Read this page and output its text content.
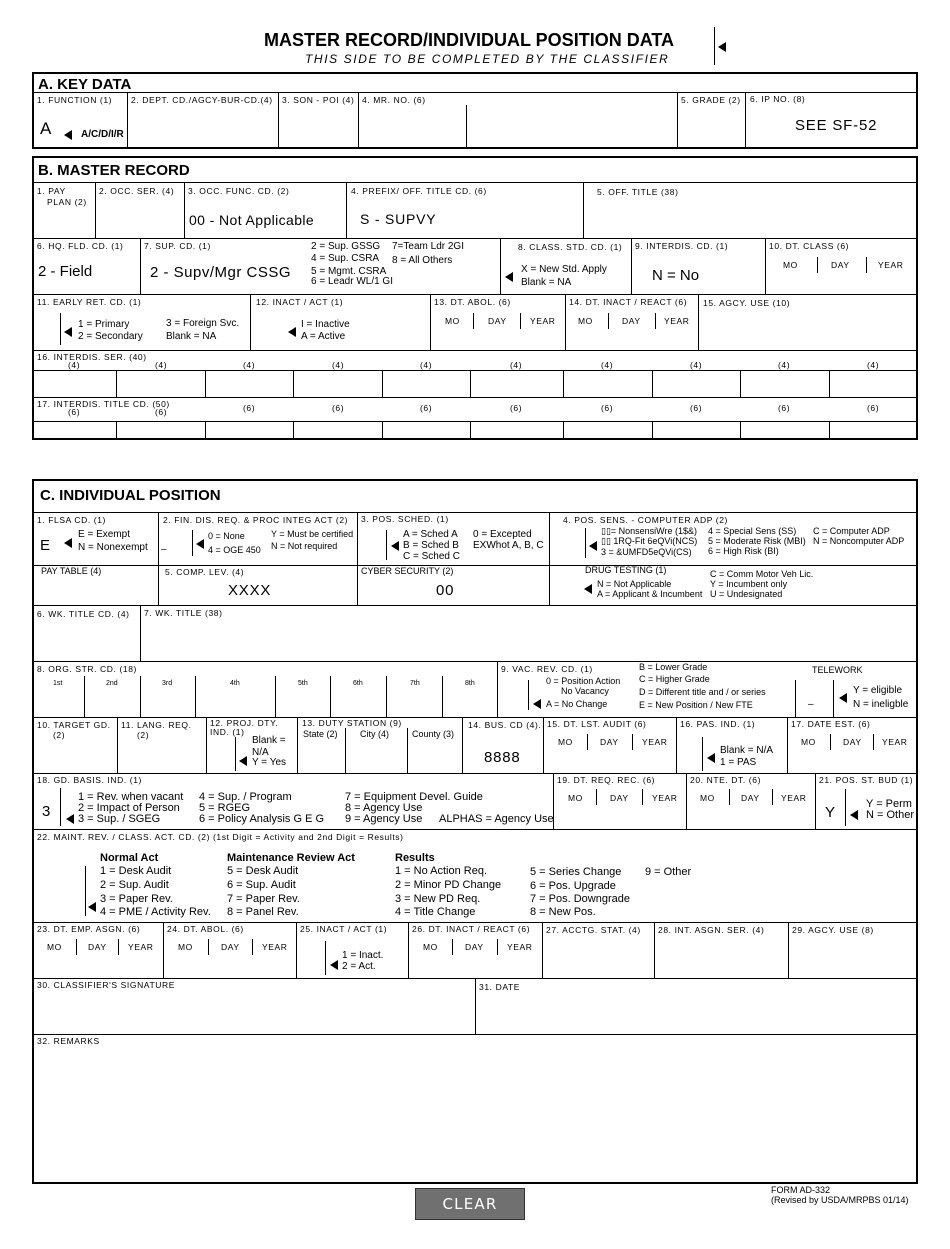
MASTER RECORD/INDIVIDUAL POSITION DATA
THIS SIDE TO BE COMPLETED BY THE CLASSIFIER
A. KEY DATA
1. FUNCTION (1)
A	A/C/D/I/R
2. DEPT. CD./AGCY-BUR-CD.(4) 3. SON - POI (4) 4. MR. NO. (6)	5. GRADE (2) 6. IP NO. (8)
SEE SF-52
B. MASTER RECORD
1. PAY
PLAN (2)
2. OCC. SER. (4) 3. OCC. FUNC. CD. (2)
00 - Not Applicable
4. PREFIX/ OFF. TITLE CD. (6)
S - SUPVY
5. OFF. TITLE (38)
6. HQ. FLD. CD. (1)
2 - Field
7. SUP. CD. (1)
2 - Supv/Mgr CSSG
2 = Sup. GSSG
4 = Sup. CSRA
5 = Mgmt. CSRA
6 = Leadr WL/1 GI
7=Team Ldr 2GI
8 = All Others
8. CLASS. STD. CD. (1)
X = New Std. Apply
Blank = NA
9. INTERDIS. CD. (1)
N = No
10. DT. CLASS (6)
MO	DAY	YEAR
11. EARLY RET. CD. (1)
1 = Primary
2 = Secondary
3 = Foreign Svc.
Blank = NA
12. INACT / ACT (1)
I = Inactive
A = Active
13. DT. ABOL. (6)
MO	DAY	YEAR
14. DT. INACT / REACT (6)
MO	DAY	YEAR
15. AGCY. USE (10)
16. INTERDIS. SER. (40)
(4)	(4)	(4)	(4)	(4)	(4)	(4)	(4)	(4)	(4)
17. INTERDIS. TITLE CD. (50)
(6)	(6)	(6)	(6)	(6)	(6)	(6)	(6)	(6)	(6)
C. INDIVIDUAL POSITION
1. FLSA CD. (1)
E
E = Exempt
N = Nonexempt
2. FIN. DIS. REQ. & PROC INTEG ACT (2)
–
0 = None
4 = OGE 450
Y = Must be certified
N = Not required
3. POS. SCHED. (1)
A = Sched A
B = Sched B
C = Sched C
0 = Excepted
EXWhot A, B, C
4. POS. SENS. - COMPUTER ADP (2)
▯▯= NonsensiWre (1$&)
▯▯ 1RQ-Fit 6eQVi(NCS)
3 = &UMFD5eQVi(CS)
4 = Special Sens (SS)
5 = Moderate Risk (MBI)
6 = High Risk (BI)
C = Computer ADP
N = Noncomputer ADP
PAY TABLE (4)	5. COMP. LEV. (4)
XXXX
CYBER SECURITY (2)
00
DRUG TESTING (1)
N = Not Applicable
A = Applicant & Incumbent
C = Comm Motor Veh Lic.
Y = Incumbent only
U = Undesignated
6. WK. TITLE CD. (4) 7. WK. TITLE (38)
8. ORG. STR. CD. (18)
1st	2nd	3rd	4th	5th	6th	7th	8th
9. VAC. REV. CD. (1)
0 = Position Action
No Vacancy
A = No Change
B = Lower Grade
C = Higher Grade
D = Different title and / or series
E = New Position / New FTE
TELEWORK
–
Y = eligible
N = ineligble
10. TARGET GD.
(2)
11. LANG. REQ.
(2)
12. PROJ. DTY.
IND. (1)
Blank =
N/A
Y = Yes
13. DUTY STATION (9)
State (2) City (4)	County (3)
14. BUS. CD (4).
8888
15. DT. LST. AUDIT (6)
MO	DAY	YEAR
16. PAS. IND. (1)
Blank = N/A
1 = PAS
17. DATE EST. (6)
MO	DAY YEAR
18. GD. BASIS. IND. (1)
3
1 = Rev. when vacant
2 = Impact of Person
3 = Sup. / SGEG
4 = Sup. / Program
5 = RGEG
6 = Policy Analysis G E G
7 = Equipment Devel. Guide
8 = Agency Use
9 = Agency Use ALPHAS = Agency Use
19. DT. REQ. REC. (6)
MO	DAY	YEAR
20. NTE. DT. (6)
MO	DAY	YEAR
21. POS. ST. BUD (1)
Y	Y = Perm
N = Other
22. MAINT. REV. / CLASS. ACT. CD. (2) (1st Digit = Activity and 2nd Digit = Results)
Normal Act
1 = Desk Audit
2 = Sup. Audit
3 = Paper Rev.
4 = PME / Activity Rev.
Maintenance Review Act
5 = Desk Audit
6 = Sup. Audit
7 = Paper Rev.
8 = Panel Rev.
Results
1 = No Action Req.
2 = Minor PD Change
3 = New PD Req.
4 = Title Change
5 = Series Change
6 = Pos. Upgrade
7 = Pos. Downgrade
8 = New Pos.
9 = Other
23. DT. EMP. ASGN. (6)
MO	DAY	YEAR
24. DT. ABOL. (6)
MO	DAY	YEAR
25. INACT / ACT (1)
1 = Inact.
2 = Act.
26. DT. INACT / REACT (6)
MO	DAY	YEAR
27. ACCTG. STAT. (4) 28. INT. ASGN. SER. (4)	29. AGCY. USE (8)
30. CLASSIFIER'S SIGNATURE	31. DATE
32. REMARKS
CLEAR FORM
FORM AD-332
(Revised by USDA/MRPBS 01/14)
